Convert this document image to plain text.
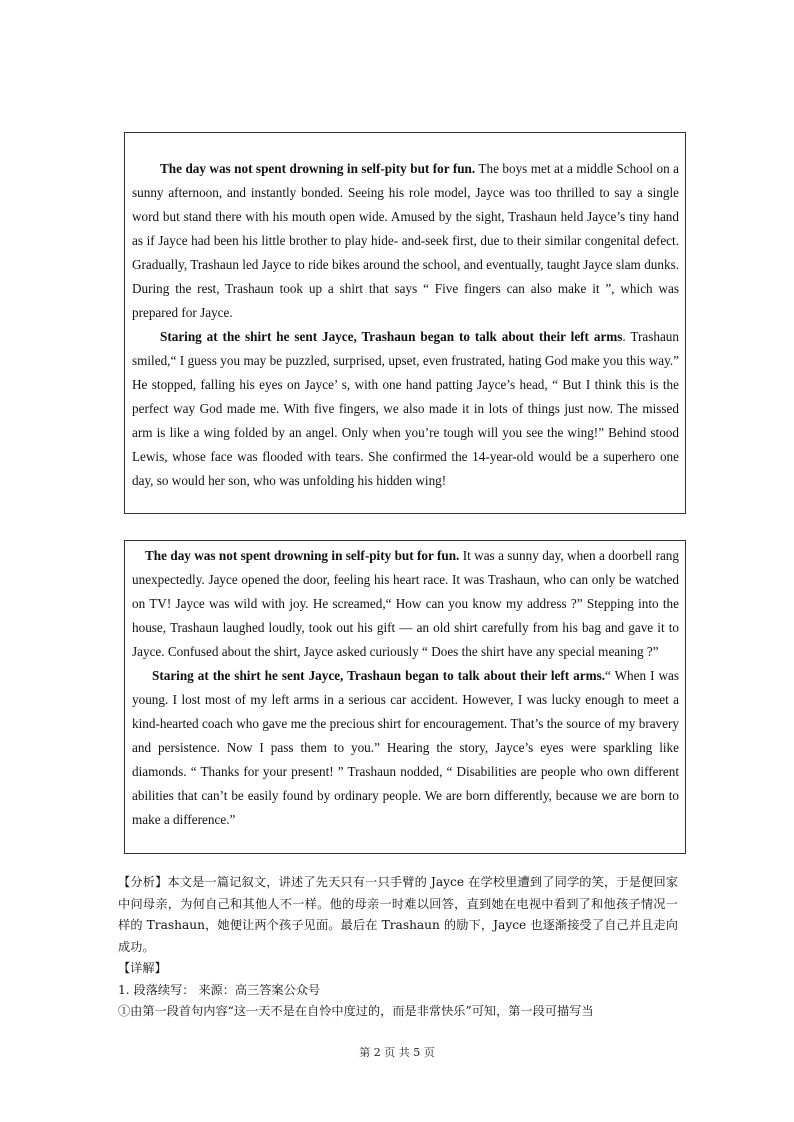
The day was not spent drowning in self-pity but for fun. The boys met at a middle School on a sunny afternoon, and instantly bonded. Seeing his role model, Jayce was too thrilled to say a single word but stand there with his mouth open wide. Amused by the sight, Trashaun held Jayce’s tiny hand as if Jayce had been his little brother to play hide- and-seek first, due to their similar congenital defect. Gradually, Trashaun led Jayce to ride bikes around the school, and eventually, taught Jayce slam dunks. During the rest, Trashaun took up a shirt that says “ Five fingers can also make it ”, which was prepared for Jayce.

Staring at the shirt he sent Jayce, Trashaun began to talk about their left arms. Trashaun smiled,“ I guess you may be puzzled, surprised, upset, even frustrated, hating God make you this way.” He stopped, falling his eyes on Jayce’ s, with one hand patting Jayce’s head, “ But I think this is the perfect way God made me. With five fingers, we also made it in lots of things just now. The missed arm is like a wing folded by an angel. Only when you’re tough will you see the wing!” Behind stood Lewis, whose face was flooded with tears. She confirmed the 14-year-old would be a superhero one day, so would her son, who was unfolding his hidden wing!

The day was not spent drowning in self-pity but for fun. It was a sunny day, when a doorbell rang unexpectedly. Jayce opened the door, feeling his heart race. It was Trashaun, who can only be watched on TV! Jayce was wild with joy. He screamed,“ How can you know my address ?” Stepping into the house, Trashaun laughed loudly, took out his gift — an old shirt carefully from his bag and gave it to Jayce. Confused about the shirt, Jayce asked curiously “ Does the shirt have any special meaning ?”

Staring at the shirt he sent Jayce, Trashaun began to talk about their left arms.“ When I was young. I lost most of my left arms in a serious car accident. However, I was lucky enough to meet a kind-hearted coach who gave me the precious shirt for encouragement. That’s the source of my bravery and persistence. Now I pass them to you.” Hearing the story, Jayce’s eyes were sparkling like diamonds. “ Thanks for your present! ” Trashaun nodded, “ Disabilities are people who own different abilities that can’t be easily found by ordinary people. We are born differently, because we are born to make a difference.”

【分析】本文是一篇记叙文，讲述了先天只有一只手臂的 Jayce 在学校里遭到了同学的笑，于是便回家中问母亲，为何自己和其他人不一样。他的母亲一时难以回答，直到她在电视中看到了和他孩子情况一样的 Trashaun，她便让两个孩子见面。最后在 Trashaun 的励下，Jayce 也逐渐接受了自己并且走向成功。

【详解】

1. 段落续写： 来源：高三答案公众号

①由第一段首句内容“这一天不是在自怜中度过的，而是非常快乐”可知，第一段可描写当

第 2 页 共 5 页
